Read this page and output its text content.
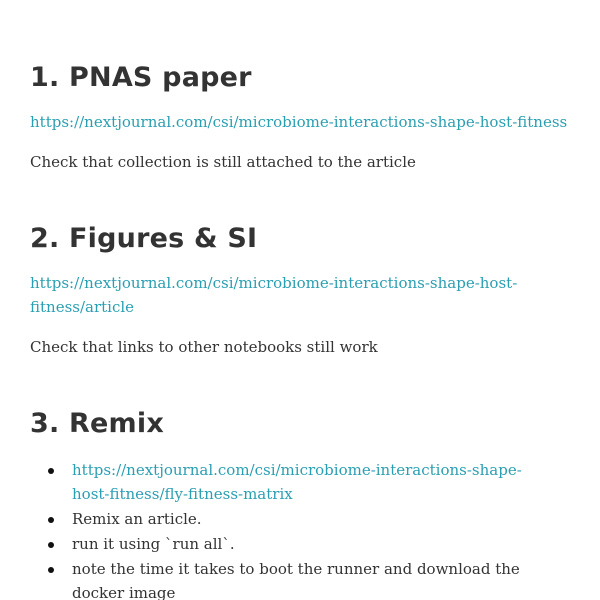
1. PNAS paper
https://nextjournal.com/csi/microbiome-interactions-shape-host-fitness

Check that collection is still attached to the article

2. Figures & SI
https://nextjournal.com/csi/microbiome-interactions-shape-host-fitness/article

Check that links to other notebooks still work

3. Remix
https://nextjournal.com/csi/microbiome-interactions-shape-host-fitness/fly-fitness-matrix
Remix an article.
run it using `run all`.
note the time it takes to boot the runner and download the docker image
